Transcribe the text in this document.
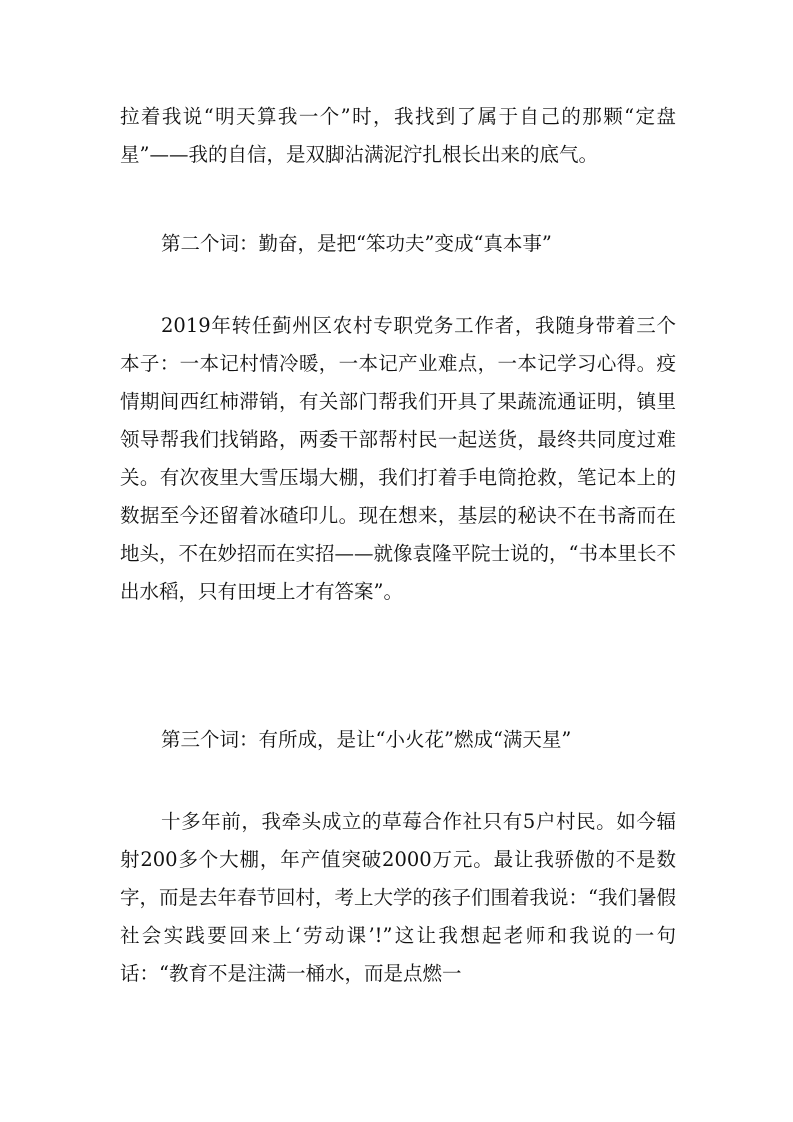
拉着我说“明天算我一个”时，我找到了属于自己的那颗“定盘星”——我的自信，是双脚沾满泥泞扎根长出来的底气。

第二个词：勤奋，是把“笨功夫”变成“真本事”

2019年转任蓟州区农村专职党务工作者，我随身带着三个本子：一本记村情冷暖，一本记产业难点，一本记学习心得。疫情期间西红柿滞销，有关部门帮我们开具了果蔬流通证明，镇里领导帮我们找销路，两委干部帮村民一起送货，最终共同度过难关。有次夜里大雪压塌大棚，我们打着手电筒抢救，笔记本上的数据至今还留着冰碴印儿。现在想来，基层的秘诀不在书斋而在地头，不在妙招而在实招——就像袁隆平院士说的，“书本里长不出水稻，只有田埂上才有答案”。

第三个词：有所成，是让“小火花”燃成“满天星”

十多年前，我牵头成立的草莓合作社只有5户村民。如今辐射200多个大棚，年产值突破2000万元。最让我骄傲的不是数字，而是去年春节回村，考上大学的孩子们围着我说：“我们暑假社会实践要回来上‘劳动课’!”这让我想起老师和我说的一句话：“教育不是注满一桶水，而是点燃一
